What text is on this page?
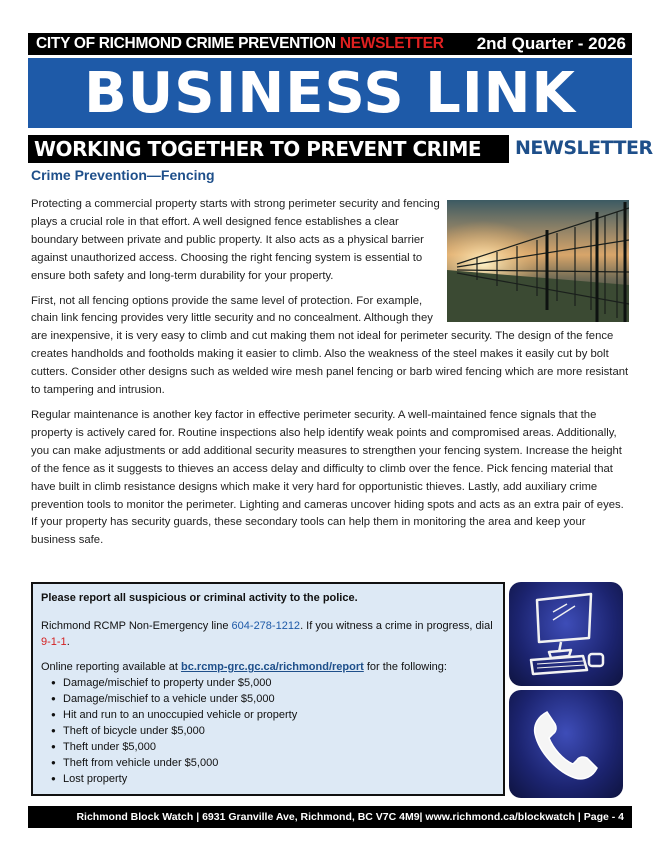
CITY OF RICHMOND CRIME PREVENTION NEWSLETTER 2nd Quarter - 2026
BUSINESS LINK
WORKING TOGETHER TO PREVENT CRIME NEWSLETTER
Crime Prevention—Fencing

Protecting a commercial property starts with strong perimeter security and fencing plays a crucial role in that effort. A well designed fence establishes a clear boundary between private and public property. It also acts as a physical barrier against unauthorized access. Choosing the right fencing system is essential to ensure both safety and long-term durability for your property.

First, not all fencing options provide the same level of protection. For example, chain link fencing provides very little security and no concealment. Although they are inexpensive, it is very easy to climb and cut making them not ideal for perimeter security. The design of the fence creates handholds and footholds making it easier to climb. Also the weakness of the steel makes it easily cut by bolt cutters. Consider other designs such as welded wire mesh panel fencing or barb wired fencing which are more resistant to tampering and intrusion.

Regular maintenance is another key factor in effective perimeter security. A well-maintained fence signals that the property is actively cared for. Routine inspections also help identify weak points and compromised areas. Additionally, you can make adjustments or add additional security measures to strengthen your fencing system. Increase the height of the fence as it suggests to thieves an access delay and difficulty to climb over the fence. Pick fencing material that have built in climb resistance designs which make it very hard for opportunistic thieves. Lastly, add auxiliary crime prevention tools to monitor the perimeter. Lighting and cameras uncover hiding spots and acts as an extra pair of eyes. If your property has security guards, these secondary tools can help them in monitoring the area and keep your business safe.

Please report all suspicious or criminal activity to the police.

Richmond RCMP Non-Emergency line 604-278-1212. If you witness a crime in progress, dial 9-1-1.

Online reporting available at bc.rcmp-grc.gc.ca/richmond/report for the following:
● Damage/mischief to property under $5,000
● Damage/mischief to a vehicle under $5,000
● Hit and run to an unoccupied vehicle or property
● Theft of bicycle under $5,000
● Theft under $5,000
● Theft from vehicle under $5,000
● Lost property
Richmond Block Watch | 6931 Granville Ave, Richmond, BC V7C 4M9| www.richmond.ca/blockwatch | Page - 4
